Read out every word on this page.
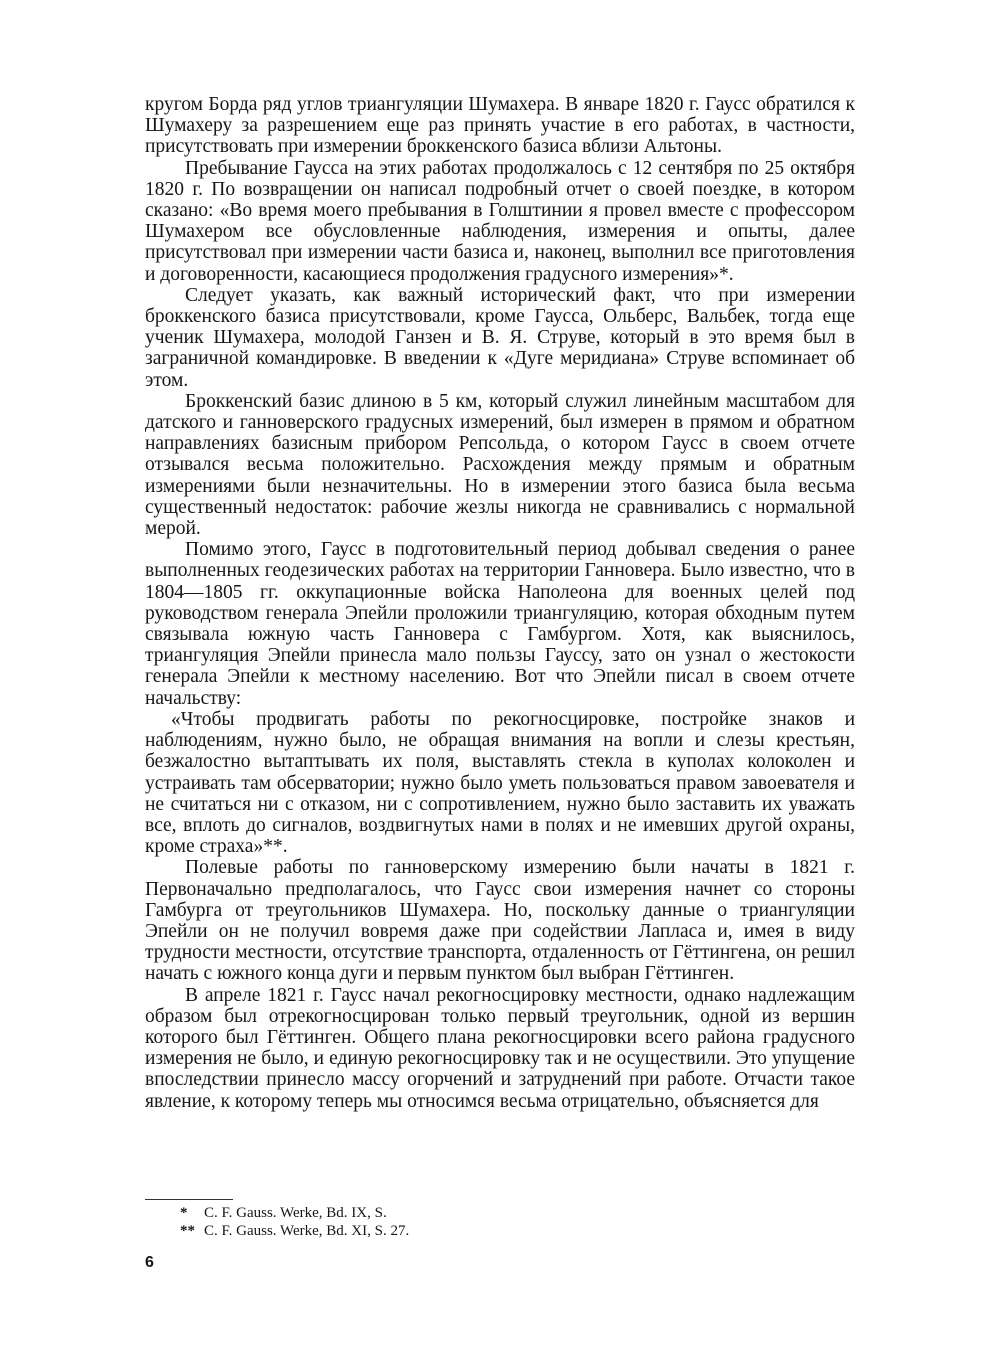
кругом Борда ряд углов триангуляции Шумахера. В январе 1820 г. Гаусс обратился к Шумахеру за разрешением еще раз принять участие в его работах, в частности, присутствовать при измерении броккенского базиса вблизи Альтоны.

Пребывание Гаусса на этих работах продолжалось с 12 сентября по 25 октября 1820 г. По возвращении он написал подробный отчет о своей поездке, в котором сказано: «Во время моего пребывания в Голштинии я провел вместе с профессором Шумахером все обусловленные наблюдения, измерения и опыты, далее присутствовал при измерении части базиса и, наконец, выполнил все приготовления и договоренности, касающиеся продолжения градусного измерения»*.

Следует указать, как важный исторический факт, что при измерении броккенского базиса присутствовали, кроме Гаусса, Ольберс, Вальбек, тогда еще ученик Шумахера, молодой Ганзен и В. Я. Струве, который в это время был в заграничной командировке. В введении к «Дуге меридиана» Струве вспоминает об этом.

Броккенский базис длиною в 5 км, который служил линейным масштабом для датского и ганноверского градусных измерений, был измерен в прямом и обратном направлениях базисным прибором Репсольда, о котором Гаусс в своем отчете отзывался весьма положительно. Расхождения между прямым и обратным измерениями были незначительны. Но в измерении этого базиса была весьма существенный недостаток: рабочие жезлы никогда не сравнивались с нормальной мерой.

Помимо этого, Гаусс в подготовительный период добывал сведения о ранее выполненных геодезических работах на территории Ганновера. Было известно, что в 1804—1805 гг. оккупационные войска Наполеона для военных целей под руководством генерала Эпейли проложили триангуляцию, которая обходным путем связывала южную часть Ганновера с Гамбургом. Хотя, как выяснилось, триангуляция Эпейли принесла мало пользы Гауссу, зато он узнал о жестокости генерала Эпейли к местному населению. Вот что Эпейли писал в своем отчете начальству:

«Чтобы продвигать работы по рекогносцировке, постройке знаков и наблюдениям, нужно было, не обращая внимания на вопли и слезы крестьян, безжалостно вытаптывать их поля, выставлять стекла в куполах колоколен и устраивать там обсерватории; нужно было уметь пользоваться правом завоевателя и не считаться ни с отказом, ни с сопротивлением, нужно было заставить их уважать все, вплоть до сигналов, воздвигнутых нами в полях и не имевших другой охраны, кроме страха»**.

Полевые работы по ганноверскому измерению были начаты в 1821 г. Первоначально предполагалось, что Гаусс свои измерения начнет со стороны Гамбурга от треугольников Шумахера. Но, поскольку данные о триангуляции Эпейли он не получил вовремя даже при содействии Лапласа и, имея в виду трудности местности, отсутствие транспорта, отдаленность от Гёттингена, он решил начать с южного конца дуги и первым пунктом был выбран Гёттинген.

В апреле 1821 г. Гаусс начал рекогносцировку местности, однако надлежащим образом был отрекогносцирован только первый треугольник, одной из вершин которого был Гёттинген. Общего плана рекогносцировки всего района градусного измерения не было, и единую рекогносцировку так и не осуществили. Это упущение впоследствии принесло массу огорчений и затруднений при работе. Отчасти такое явление, к которому теперь мы относимся весьма отрицательно, объясняется для

* C. F. Gauss. Werke, Bd. IX, S.

** C. F. Gauss. Werke, Bd. XI, S. 27.

6
